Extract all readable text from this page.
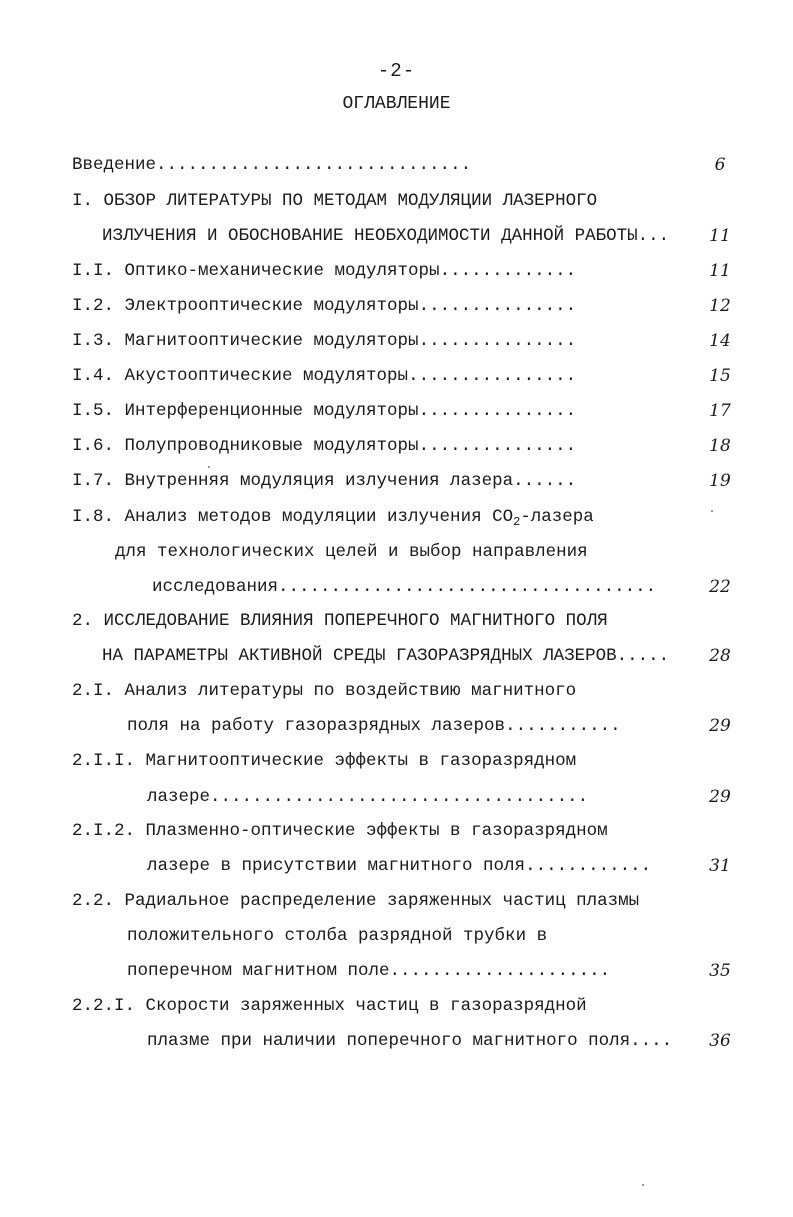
-2-
ОГЛАВЛЕНИЕ
Введение..............................	6
I. ОБЗОР ЛИТЕРАТУРЫ ПО МЕТОДАМ МОДУЛЯЦИИ ЛАЗЕРНОГО
ИЗЛУЧЕНИЯ И ОБОСНОВАНИЕ НЕОБХОДИМОСТИ ДАННОЙ РАБОТЫ...	11
I.I. Оптико-механические модуляторы.............	11
I.2. Электрооптические модуляторы...............	12
I.3. Магнитооптические модуляторы...............	14
I.4. Акустооптические модуляторы................	15
I.5. Интерференционные модуляторы...............	17
I.6. Полупроводниковые модуляторы...............	18
I.7. Внутренняя модуляция излучения лазера......	19
I.8. Анализ методов модуляции излучения $CO_2$-лазера
для технологических целей и выбор направления
исследования....................................	22
2. ИССЛЕДОВАНИЕ ВЛИЯНИЯ ПОПЕРЕЧНОГО МАГНИТНОГО ПОЛЯ
НА ПАРАМЕТРЫ АКТИВНОЙ СРЕДЫ ГАЗОРАЗРЯДНЫХ ЛАЗЕРОВ.....	28
2.I. Анализ литературы по воздействию магнитного
поля на работу газоразрядных лазеров...........	29
2.I.I. Магнитооптические эффекты в газоразрядном
лазере....................................	29
2.I.2. Плазменно-оптические эффекты в газоразрядном
лазере в присутствии магнитного поля............	31
2.2. Радиальное распределение заряженных частиц плазмы
положительного столба разрядной трубки в
поперечном магнитном поле.....................	35
2.2.I. Скорости заряженных частиц в газоразрядной
плазме при наличии поперечного магнитного поля....	36
